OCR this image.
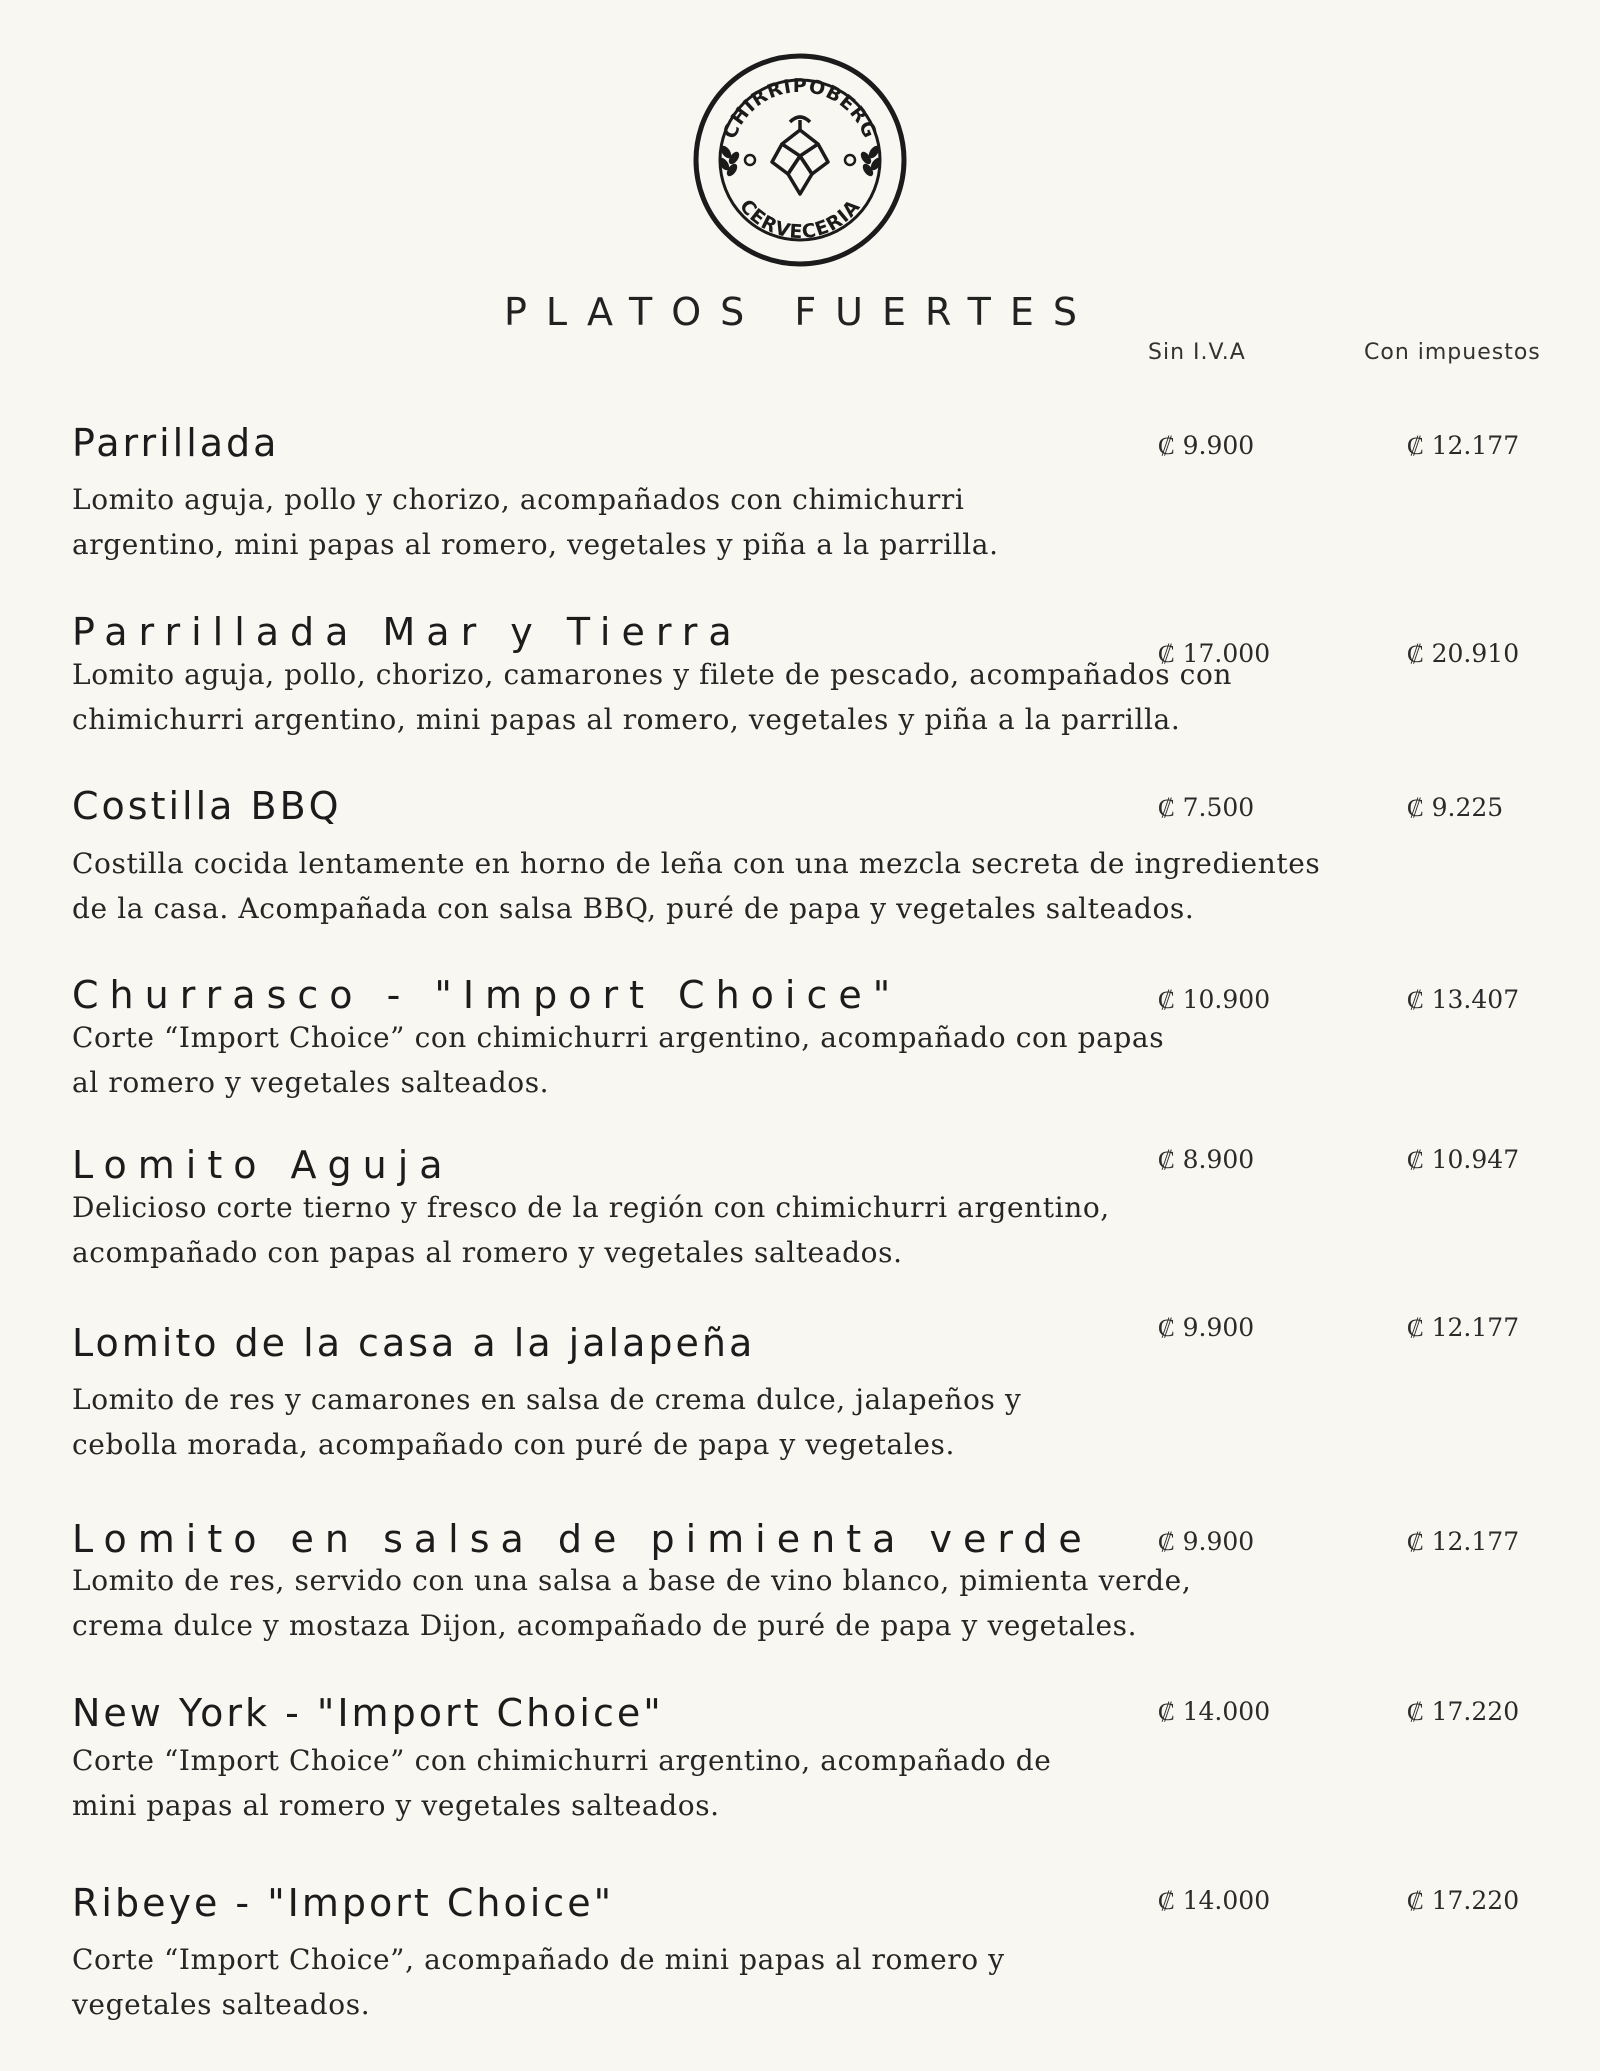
CHIRRIPOBERG
CERVECERIA
PLATOS FUERTES
Sin I.V.A	Con impuestos
Parrillada	₡ 9.900	₡ 12.177
Lomito aguja, pollo y chorizo, acompañados con chimichurri
argentino, mini papas al romero, vegetales y piña a la parrilla.
Parrillada Mar y Tierra	₡ 17.000	₡ 20.910
Lomito aguja, pollo, chorizo, camarones y filete de pescado, acompañados con
chimichurri argentino, mini papas al romero, vegetales y piña a la parrilla.
Costilla BBQ	₡ 7.500	₡ 9.225
Costilla cocida lentamente en horno de leña con una mezcla secreta de ingredientes
de la casa. Acompañada con salsa BBQ, puré de papa y vegetales salteados.
Churrasco - "Import Choice"	₡ 10.900	₡ 13.407
Corte “Import Choice” con chimichurri argentino, acompañado con papas
al romero y vegetales salteados.
Lomito Aguja	₡ 8.900	₡ 10.947
Delicioso corte tierno y fresco de la región con chimichurri argentino,
acompañado con papas al romero y vegetales salteados.
Lomito de la casa a la jalapeña	₡ 9.900	₡ 12.177
Lomito de res y camarones en salsa de crema dulce, jalapeños y
cebolla morada, acompañado con puré de papa y vegetales.
Lomito en salsa de pimienta verde	₡ 9.900	₡ 12.177
Lomito de res, servido con una salsa a base de vino blanco, pimienta verde,
crema dulce y mostaza Dijon, acompañado de puré de papa y vegetales.
New York - "Import Choice"	₡ 14.000	₡ 17.220
Corte “Import Choice” con chimichurri argentino, acompañado de
mini papas al romero y vegetales salteados.
Ribeye - "Import Choice"	₡ 14.000	₡ 17.220
Corte “Import Choice”, acompañado de mini papas al romero y
vegetales salteados.
